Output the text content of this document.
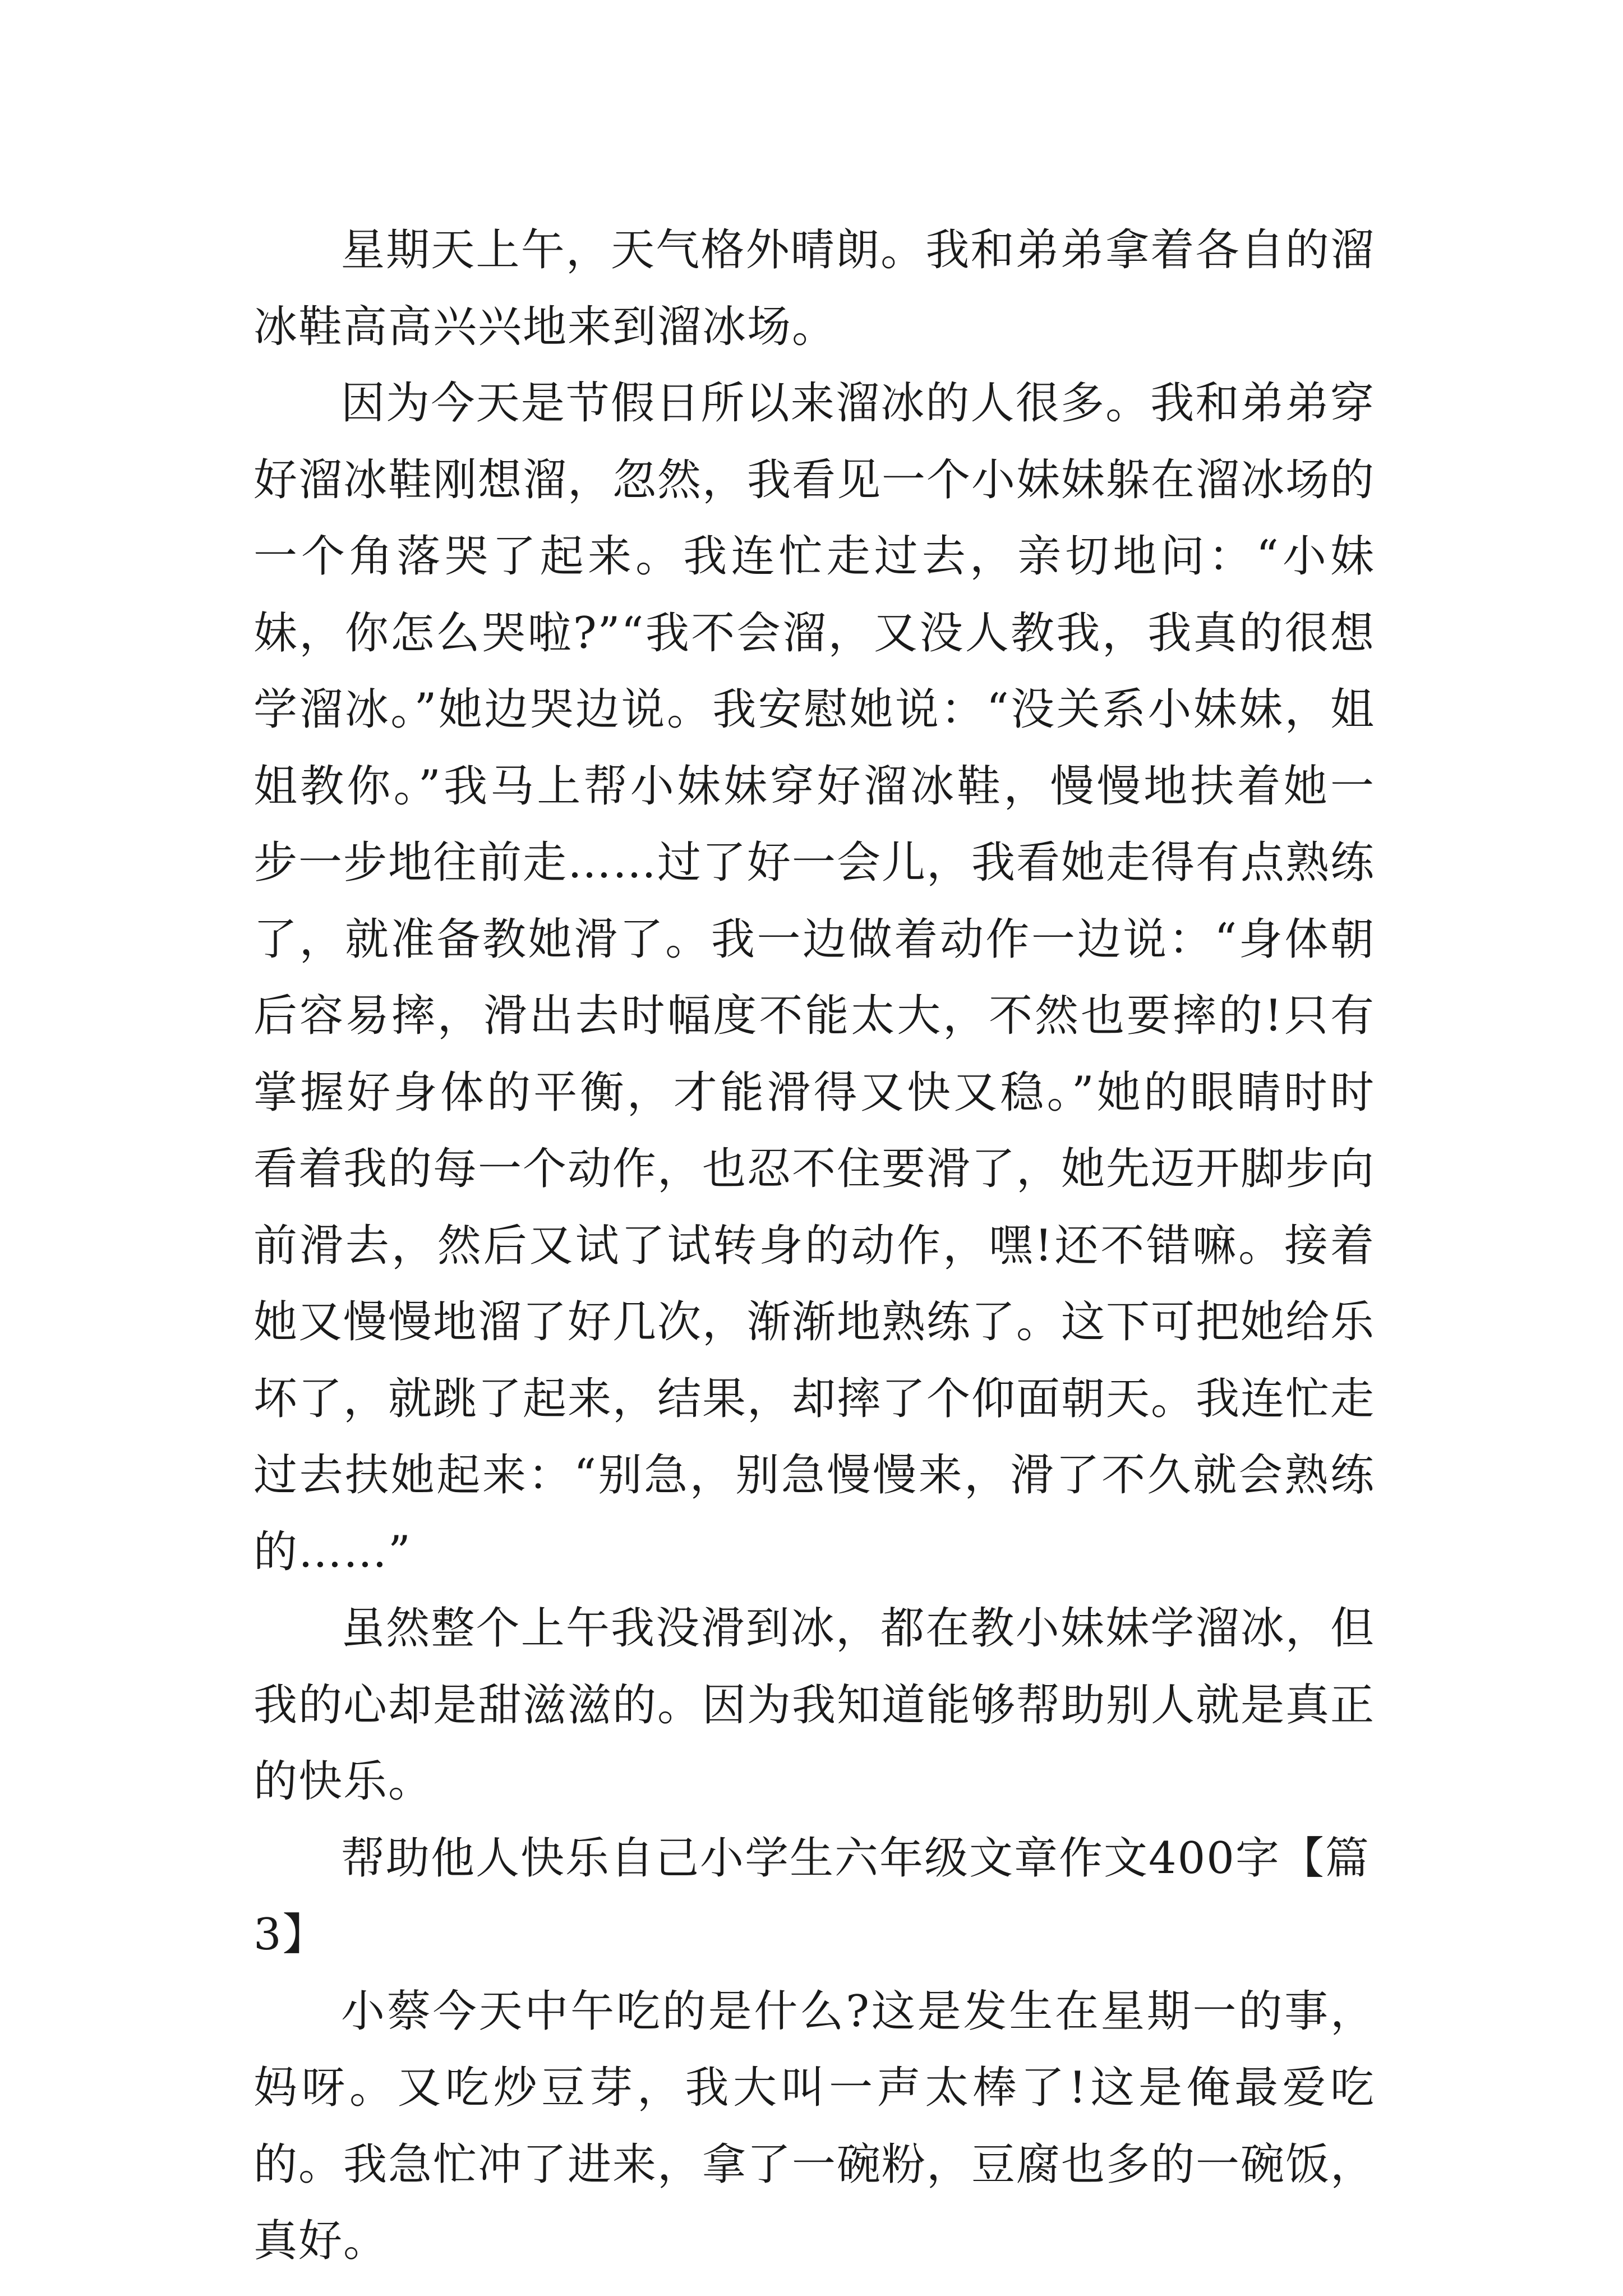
星期天上午，天气格外晴朗。我和弟弟拿着各自的溜冰鞋高高兴兴地来到溜冰场。

因为今天是节假日所以来溜冰的人很多。我和弟弟穿好溜冰鞋刚想溜，忽然，我看见一个小妹妹躲在溜冰场的一个角落哭了起来。我连忙走过去，亲切地问：“小妹妹，你怎么哭啦?”“我不会溜，又没人教我，我真的很想学溜冰。”她边哭边说。我安慰她说：“没关系小妹妹，姐姐教你。”我马上帮小妹妹穿好溜冰鞋，慢慢地扶着她一步一步地往前走……过了好一会儿，我看她走得有点熟练了，就准备教她滑了。我一边做着动作一边说：“身体朝后容易摔，滑出去时幅度不能太大，不然也要摔的!只有掌握好身体的平衡，才能滑得又快又稳。”她的眼睛时时看着我的每一个动作，也忍不住要滑了，她先迈开脚步向前滑去，然后又试了试转身的动作，嘿!还不错嘛。接着她又慢慢地溜了好几次，渐渐地熟练了。这下可把她给乐坏了，就跳了起来，结果，却摔了个仰面朝天。我连忙走过去扶她起来：“别急，别急慢慢来，滑了不久就会熟练的……”

虽然整个上午我没滑到冰，都在教小妹妹学溜冰，但我的心却是甜滋滋的。因为我知道能够帮助别人就是真正的快乐。

帮助他人快乐自己小学生六年级文章作文400字【篇3】

小蔡今天中午吃的是什么?这是发生在星期一的事，妈呀。又吃炒豆芽，我大叫一声太棒了!这是俺最爱吃的。我急忙冲了进来，拿了一碗粉，豆腐也多的一碗饭，真好。
